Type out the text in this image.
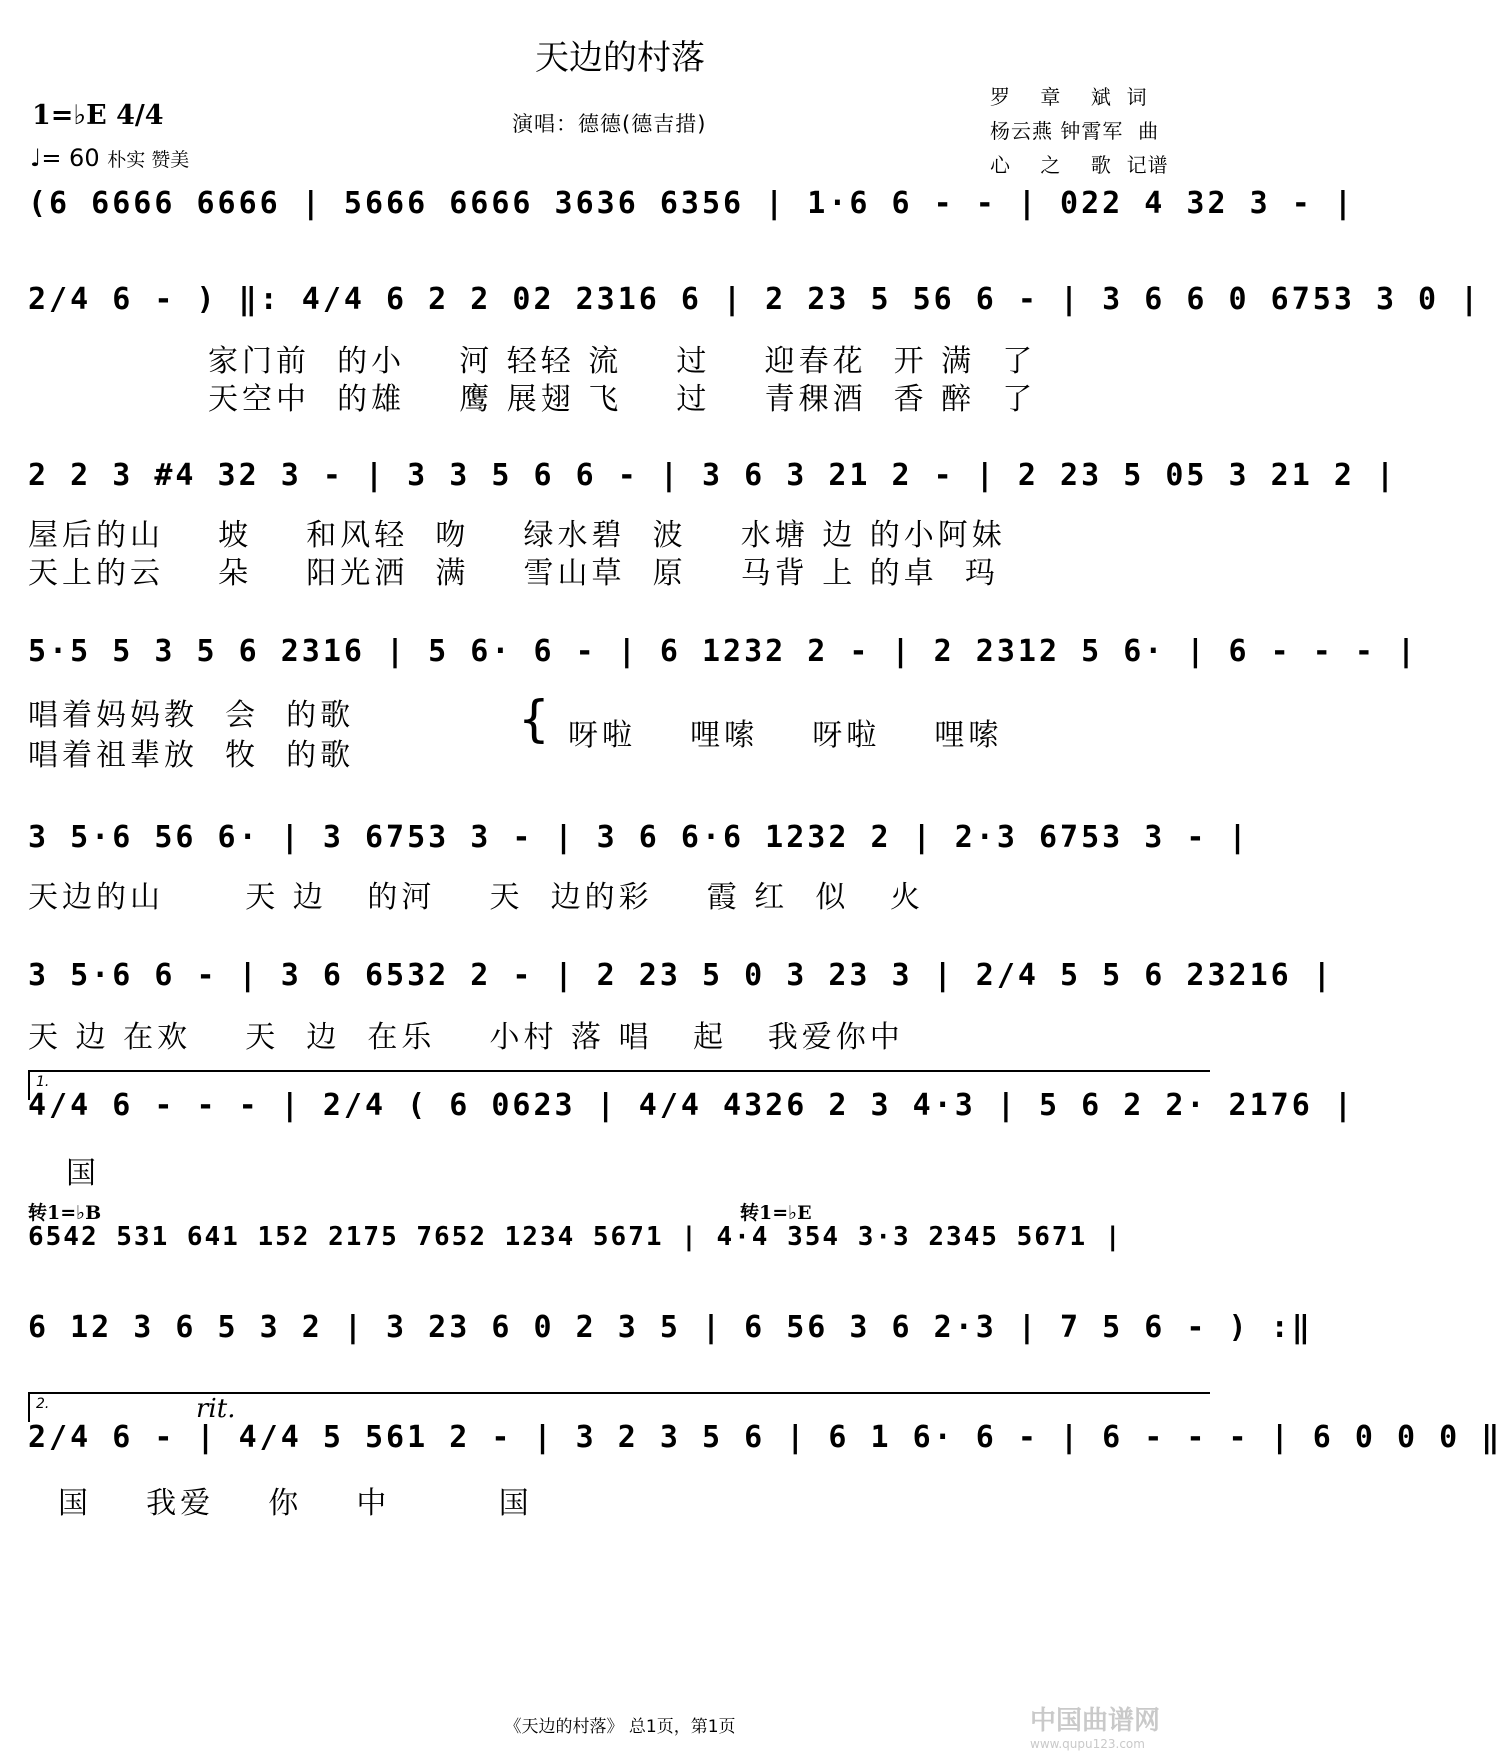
天边的村落
1=♭E 4/4
♩= 60 朴实 赞美
演唱：德德(德吉措)
罗    章    斌  词
杨云燕 钟霄军  曲
心    之    歌  记谱
(6 6666 6666 | 5666 6666 3636 6356 | 1·6 6 - - | 022 4 32 3 - |
2/4 6 - ) ‖: 4/4 6 2 2 02 2316 6 | 2 23 5 56 6 - | 3 6 6 0 6753 3 0 |
家门前  的小    河 轻轻 流    过    迎春花  开 满  了
天空中  的雄    鹰 展翅 飞    过    青稞酒  香 醉  了
2 2 3 #4 32 3 - | 3 3 5 6 6 - | 3 6 3 21 2 - | 2 23 5 05 3 21 2 |
屋后的山    坡    和风轻  吻    绿水碧  波    水塘 边 的小阿妹
天上的云    朵    阳光洒  满    雪山草  原    马背 上 的卓  玛
5·5 5 3 5 6 2316 | 5 6· 6 - | 6 1232 2 - | 2 2312 5 6· | 6 - - - |
唱着妈妈教  会  的歌
唱着祖辈放  牧  的歌
{ 呀啦    哩嗦    呀啦    哩嗦
3 5·6 56 6· | 3 6753 3 - | 3 6 6·6 1232 2 | 2·3 6753 3 - |
天边的山      天 边   的河    天  边的彩    霞 红  似   火
3 5·6 6 - | 3 6 6532 2 - | 2 23 5 0 3 23 3 | 2/4 5 5 6 23216 |
天 边 在欢    天  边  在乐    小村 落 唱   起   我爱你中
1.
4/4 6 - - - | 2/4 ( 6 0623 | 4/4 4326 2 3 4·3 | 5 6 2 2· 2176 |
国
转1=♭B	转1=♭E
6542 531 641 152 2175 7652 1234 5671 | 4·4 354 3·3 2345 5671 |
6 12 3 6 5 3 2 | 3 23 6 0 2 3 5 | 6 56 3 6 2·3 | 7 5 6 - ) :‖
2.	rit.
2/4 6 - | 4/4 5 561 2 - | 3 2 3 5 6 | 6 1 6· 6 - | 6 - - - | 6 0 0 0 ‖
国    我爱    你    中        国
《天边的村落》 总1页，第1页	中国曲谱网
www.qupu123.com
